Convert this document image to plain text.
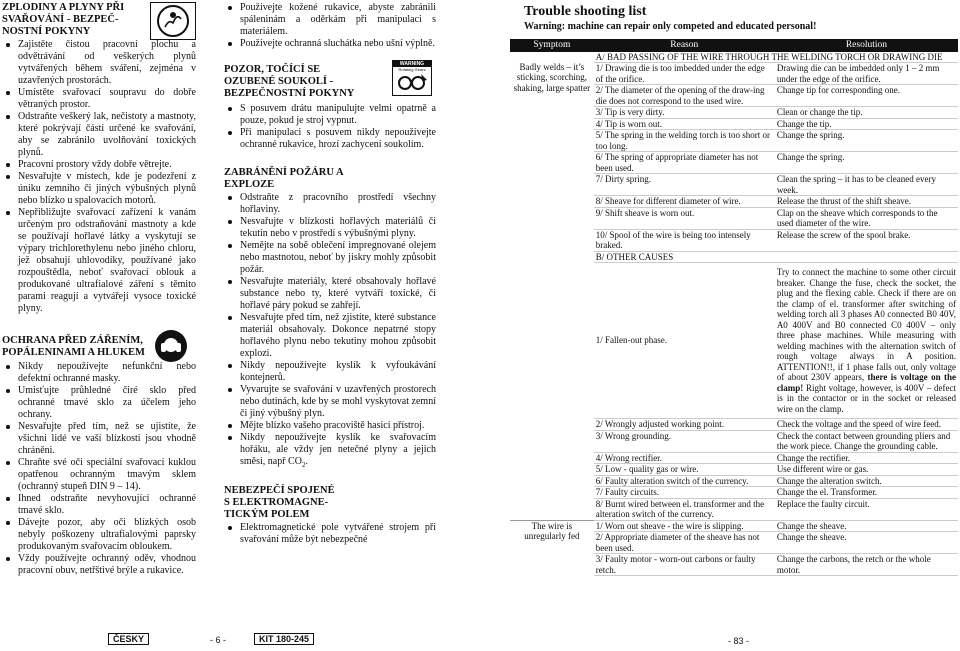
ZPLODINY A PLYNY PŘI
SVAŘOVÁNÍ - BEZPEČ-
NOSTNÍ POKYNY
Zajistěte čistou pracovní plochu a odvětrávání od veškerých plynů vytvářených během sváření, zejména v uzavřených prostorách.
Umístěte svařovací soupravu do dobře větraných prostor.
Odstraňte veškerý lak, nečistoty a mastnoty, které pokrývají části určené ke svařování, aby se zabránilo uvolňování toxických plynů.
Pracovní prostory vždy dobře větrejte.
Nesvařujte v místech, kde je podezření z úniku zemního či jiných výbušných plynů nebo blízko u spalovacích motorů.
Nepřibližujte svařovací zařízení k vanám určeným pro odstraňování mastnoty a kde se používají hořlavé látky a vyskytují se výpary trichlorethylenu nebo jiného chloru, jež obsahují uhlovodíky, používané jako rozpouštědla, neboť svařovací oblouk a produkované ultrafialové záření s těmito parami reagují a vytvářejí vysoce toxické plyny.
OCHRANA PŘED ZÁŘENÍM,
POPÁLENINAMI A HLUKEM
Nikdy nepoužívejte nefunkční nebo defektní ochranné masky.
Umisťujte průhledné čiré sklo před ochranné tmavé sklo za účelem jeho ochrany.
Nesvařujte před tím, než se ujistíte, že všichni lidé ve vaší blízkosti jsou vhodně chráněni.
Chraňte své oči speciální svařovací kuklou opatřenou ochranným tmavým sklem (ochranný stupeň DIN 9 – 14).
Ihned odstraňte nevyhovující ochranné tmavé sklo.
Dávejte pozor, aby oči blízkých osob nebyly poškozeny ultrafialovými paprsky produkovaným svařovacím obloukem.
Vždy používejte ochranný oděv, vhodnou pracovní obuv, netřštivé brýle a rukavice.
Používejte kožené rukavice, abyste zabránili spáleninám a oděrkám při manipulaci s materiálem.
Používejte ochranná sluchátka nebo ušní výplně.
POZOR, TOČÍCÍ SE
OZUBENÉ SOUKOLÍ -
BEZPEČNOSTNÍ POKYNY
WARNING
Rotating Gears
S posuvem drátu manipulujte velmi opatrně a pouze, pokud je stroj vypnut.
Při manipulaci s posuvem nikdy nepoužívejte ochranné rukavice, hrozí zachycení soukolím.
ZABRÁNĚNÍ POŽÁRU A
EXPLOZE
Odstraňte z pracovního prostředí všechny hořlaviny.
Nesvařujte v blízkosti hořlavých materiálů či tekutin nebo v prostředí s výbušnými plyny.
Nemějte na sobě oblečení impregnované olejem nebo mastnotou, neboť by jiskry mohly způsobit požár.
Nesvařujte materiály, které obsahovaly hořlavé substance nebo ty, které vytváří toxické, či hořlavé páry pokud se zahřejí.
Nesvařujte před tím, než zjistíte, které substance materiál obsahovaly. Dokonce nepatrné stopy hořlavého plynu nebo tekutiny mohou způsobit explozi.
Nikdy nepoužívejte kyslík k vyfoukávání kontejnerů.
Vyvarujte se svařování v uzavřených prostorech nebo dutinách, kde by se mohl vyskytovat zemní či jiný výbušný plyn.
Mějte blízko vašeho pracoviště hasicí přístroj.
Nikdy nepoužívejte kyslík ke svařovacím hořáku, ale vždy jen netečné plyny a jejich směsi, např $CO_2$.
NEBEZPEČÍ SPOJENÉ
S ELEKTROMAGNE-
TICKÝM POLEM
Elektromagnetické pole vytvářené strojem při svařování může být nebezpečné
ČESKY	- 6 -	KIT 180-245
Trouble shooting list
Warning: machine can repair only competed and educated personal!
Symptom	Reason	Resolution
Badly welds – it’s sticking, scorching, shaking, large spatter	A/ BAD PASSING OF THE WIRE THROUGH THE WELDING TORCH OR DRAWING DIE	
	1/ Drawing die is too imbedded under the edge of the orifice.	Drawing die can be imbedded only 1 – 2 mm under the edge of the orifice.
	2/ The diameter of the opening of the draw-ing die does not correspond to the used wire.	Change tip for corresponding one.
	3/ Tip is very dirty.	Clean or change the tip.
	4/ Tip is worn out.	Change the tip.
	5/ The spring in the welding torch is too short or too long.	Change the spring.
	6/ The spring of appropriate diameter has not been used.	Change the spring.
	7/ Dirty spring.	Clean the spring – it has to be cleaned every week.
	8/ Sheave for different diameter of wire.	Release the thrust of the shift sheave.
	9/ Shift sheave is worn out.	Clap on the sheave which corresponds to the used diameter of the wire.
	10/ Spool of the wire is being too intensely braked.	Release the screw of the spool brake.
	B/ OTHER CAUSES	
	1/ Fallen-out phase.	Try to connect the machine to some other circuit breaker. Change the fuse, check the socket, the plug and the flexing cable. Check if there are on the clamp of el. transformer after switching of welding torch all 3 phases A0 connected B0 40V, A0 400V and B0 connected C0 400V – only three phase machines. While measuring with welding machines with the alternation switch of rough voltage always in A position. ATTENTION!!, if 1 phase falls out, only voltage of about 230V appears, there is voltage on the clamp! Right voltage, however, is 400V – defect is in the contactor or in the socket or released wire on the clamp.
	2/ Wrongly adjusted working point.	Check the voltage and the speed of wire feed.
	3/ Wrong grounding.	Check the contact between grounding pliers and the work piece. Change the grounding cable.
	4/ Wrong rectifier.	Change the rectifier.
	5/ Low - quality gas or wire.	Use different wire or gas.
	6/ Faulty alteration switch of the currency.	Change the alteration switch.
	7/ Faulty circuits.	Change the el. Transformer.
	8/ Burnt wired between el. transformer and the alteration switch of the currency.	Replace the faulty circuit.
The wire is unregularly fed	1/ Worn out sheave - the wire is slipping.	Change the sheave.
	2/ Appropriate diameter of the sheave has not been used.	Change the sheave.
	3/ Faulty motor - worn-out carbons or faulty retch.	Change the carbons, the retch or the whole motor.
- 83 -
